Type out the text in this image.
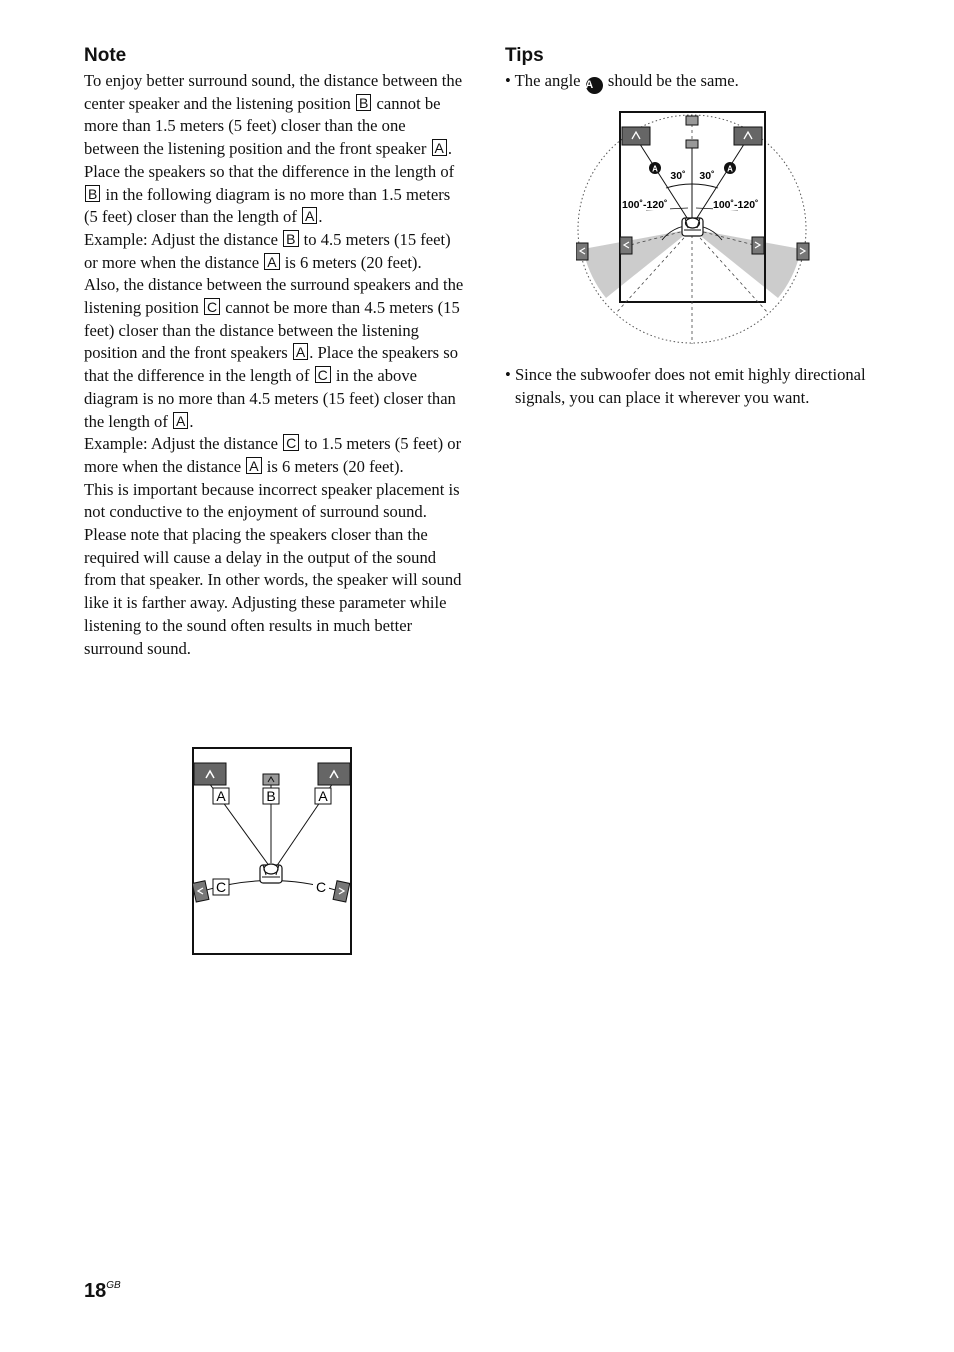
Note

To enjoy better surround sound, the distance between the center speaker and the listening position B cannot be more than 1.5 meters (5 feet) closer than the one between the listening position and the front speaker A . Place the speakers so that the difference in the length of B in the following diagram is no more than 1.5 meters (5 feet) closer than the length of A .

Example: Adjust the distance B to 4.5 meters (15 feet) or more when the distance A is 6 meters (20 feet).

Also, the distance between the surround speakers and the listening position C cannot be more than 4.5 meters (15 feet) closer than the distance between the listening position and the front speakers A . Place the speakers so that the difference in the length of C in the above diagram is no more than 4.5 meters (15 feet) closer than the length of A .

Example: Adjust the distance C to 1.5 meters (5 feet) or more when the distance A is 6 meters (20 feet).

This is important because incorrect speaker placement is not conductive to the enjoyment of surround sound. Please note that placing the speakers closer than the required will cause a delay in the output of the sound from that speaker. In other words, the speaker will sound like it is farther away. Adjusting these parameter while listening to the sound often results in much better surround sound.

Tips
• The angle A should be the same.
• Since the subwoofer does not emit highly directional signals, you can place it wherever you want.
A	B	A
C	C
A	A
30˚ 30˚
100˚-120˚	100˚-120˚
$18^{GB}$
